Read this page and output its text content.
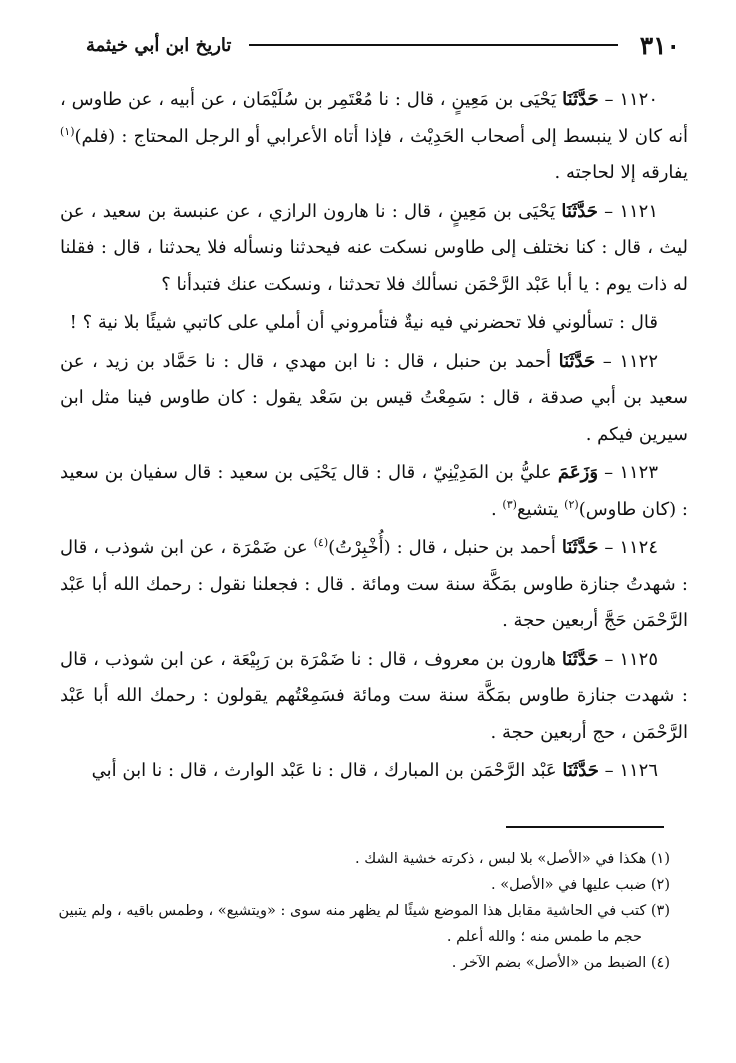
٣١٠
تاريخ ابن أبي خيثمة

١١٢٠ – حَدَّثَنَا يَحْيَى بن مَعِينٍ ، قال : نا مُعْتَمِر بن سُلَيْمَان ، عن أبيه ، عن طاوس ، أنه كان لا ينبسط إلى أصحاب الحَدِيْث ، فإذا أتاه الأعرابي أو الرجل المحتاج : (فلم)$^{(١)}$ يفارقه إلا لحاجته .

١١٢١ – حَدَّثَنَا يَحْيَى بن مَعِينٍ ، قال : نا هارون الرازي ، عن عنبسة بن سعيد ، عن ليث ، قال : كنا نختلف إلى طاوس نسكت عنه فيحدثنا ونسأله فلا يحدثنا ، قال : فقلنا له ذات يوم : يا أبا عَبْد الرَّحْمَن نسألك فلا تحدثنا ، ونسكت عنك فتبدأنا ؟

قال : تسألوني فلا تحضرني فيه نيةٌ فتأمروني أن أملي على كاتبي شيئًا بلا نية ؟ !

١١٢٢ – حَدَّثَنَا أحمد بن حنبل ، قال : نا ابن مهدي ، قال : نا حَمَّاد بن زيد ، عن سعيد بن أبي صدقة ، قال : سَمِعْتُ قيس بن سَعْد يقول : كان طاوس فينا مثل ابن سيرين فيكم .

١١٢٣ – وَزَعَمَ عليُّ بن المَدِيْنِيّ ، قال : قال يَحْيَى بن سعيد : قال سفيان بن سعيد : (كان طاوس)$^{(٢)}$ يتشيع$^{(٣)}$ .

١١٢٤ – حَدَّثَنَا أحمد بن حنبل ، قال : (أُخْبِرْتُ)$^{(٤)}$ عن ضَمْرَة ، عن ابن شوذب ، قال : شهدتُ جنازة طاوس بمَكَّة سنة ست ومائة . قال : فجعلنا نقول : رحمك الله أبا عَبْد الرَّحْمَن حَجَّ أربعين حجة .

١١٢٥ – حَدَّثَنَا هارون بن معروف ، قال : نا ضَمْرَة بن رَبِيْعَة ، عن ابن شوذب ، قال : شهدت جنازة طاوس بمَكَّة سنة ست ومائة فسَمِعْتُهم يقولون : رحمك الله أبا عَبْد الرَّحْمَن ، حج أربعين حجة .

١١٢٦ – حَدَّثَنَا عَبْد الرَّحْمَن بن المبارك ، قال : نا عَبْد الوارث ، قال : نا ابن أبي

(١) هكذا في «الأصل» بلا لبس ، ذكرته خشية الشك .

(٢) ضبب عليها في «الأصل» .

(٣) كتب في الحاشية مقابل هذا الموضع شيئًا لم يظهر منه سوى : «ويتشيع» ، وطمس باقيه ، ولم يتبين

حجم ما طمس منه ؛ والله أعلم .

(٤) الضبط من «الأصل» بضم الآخر .
